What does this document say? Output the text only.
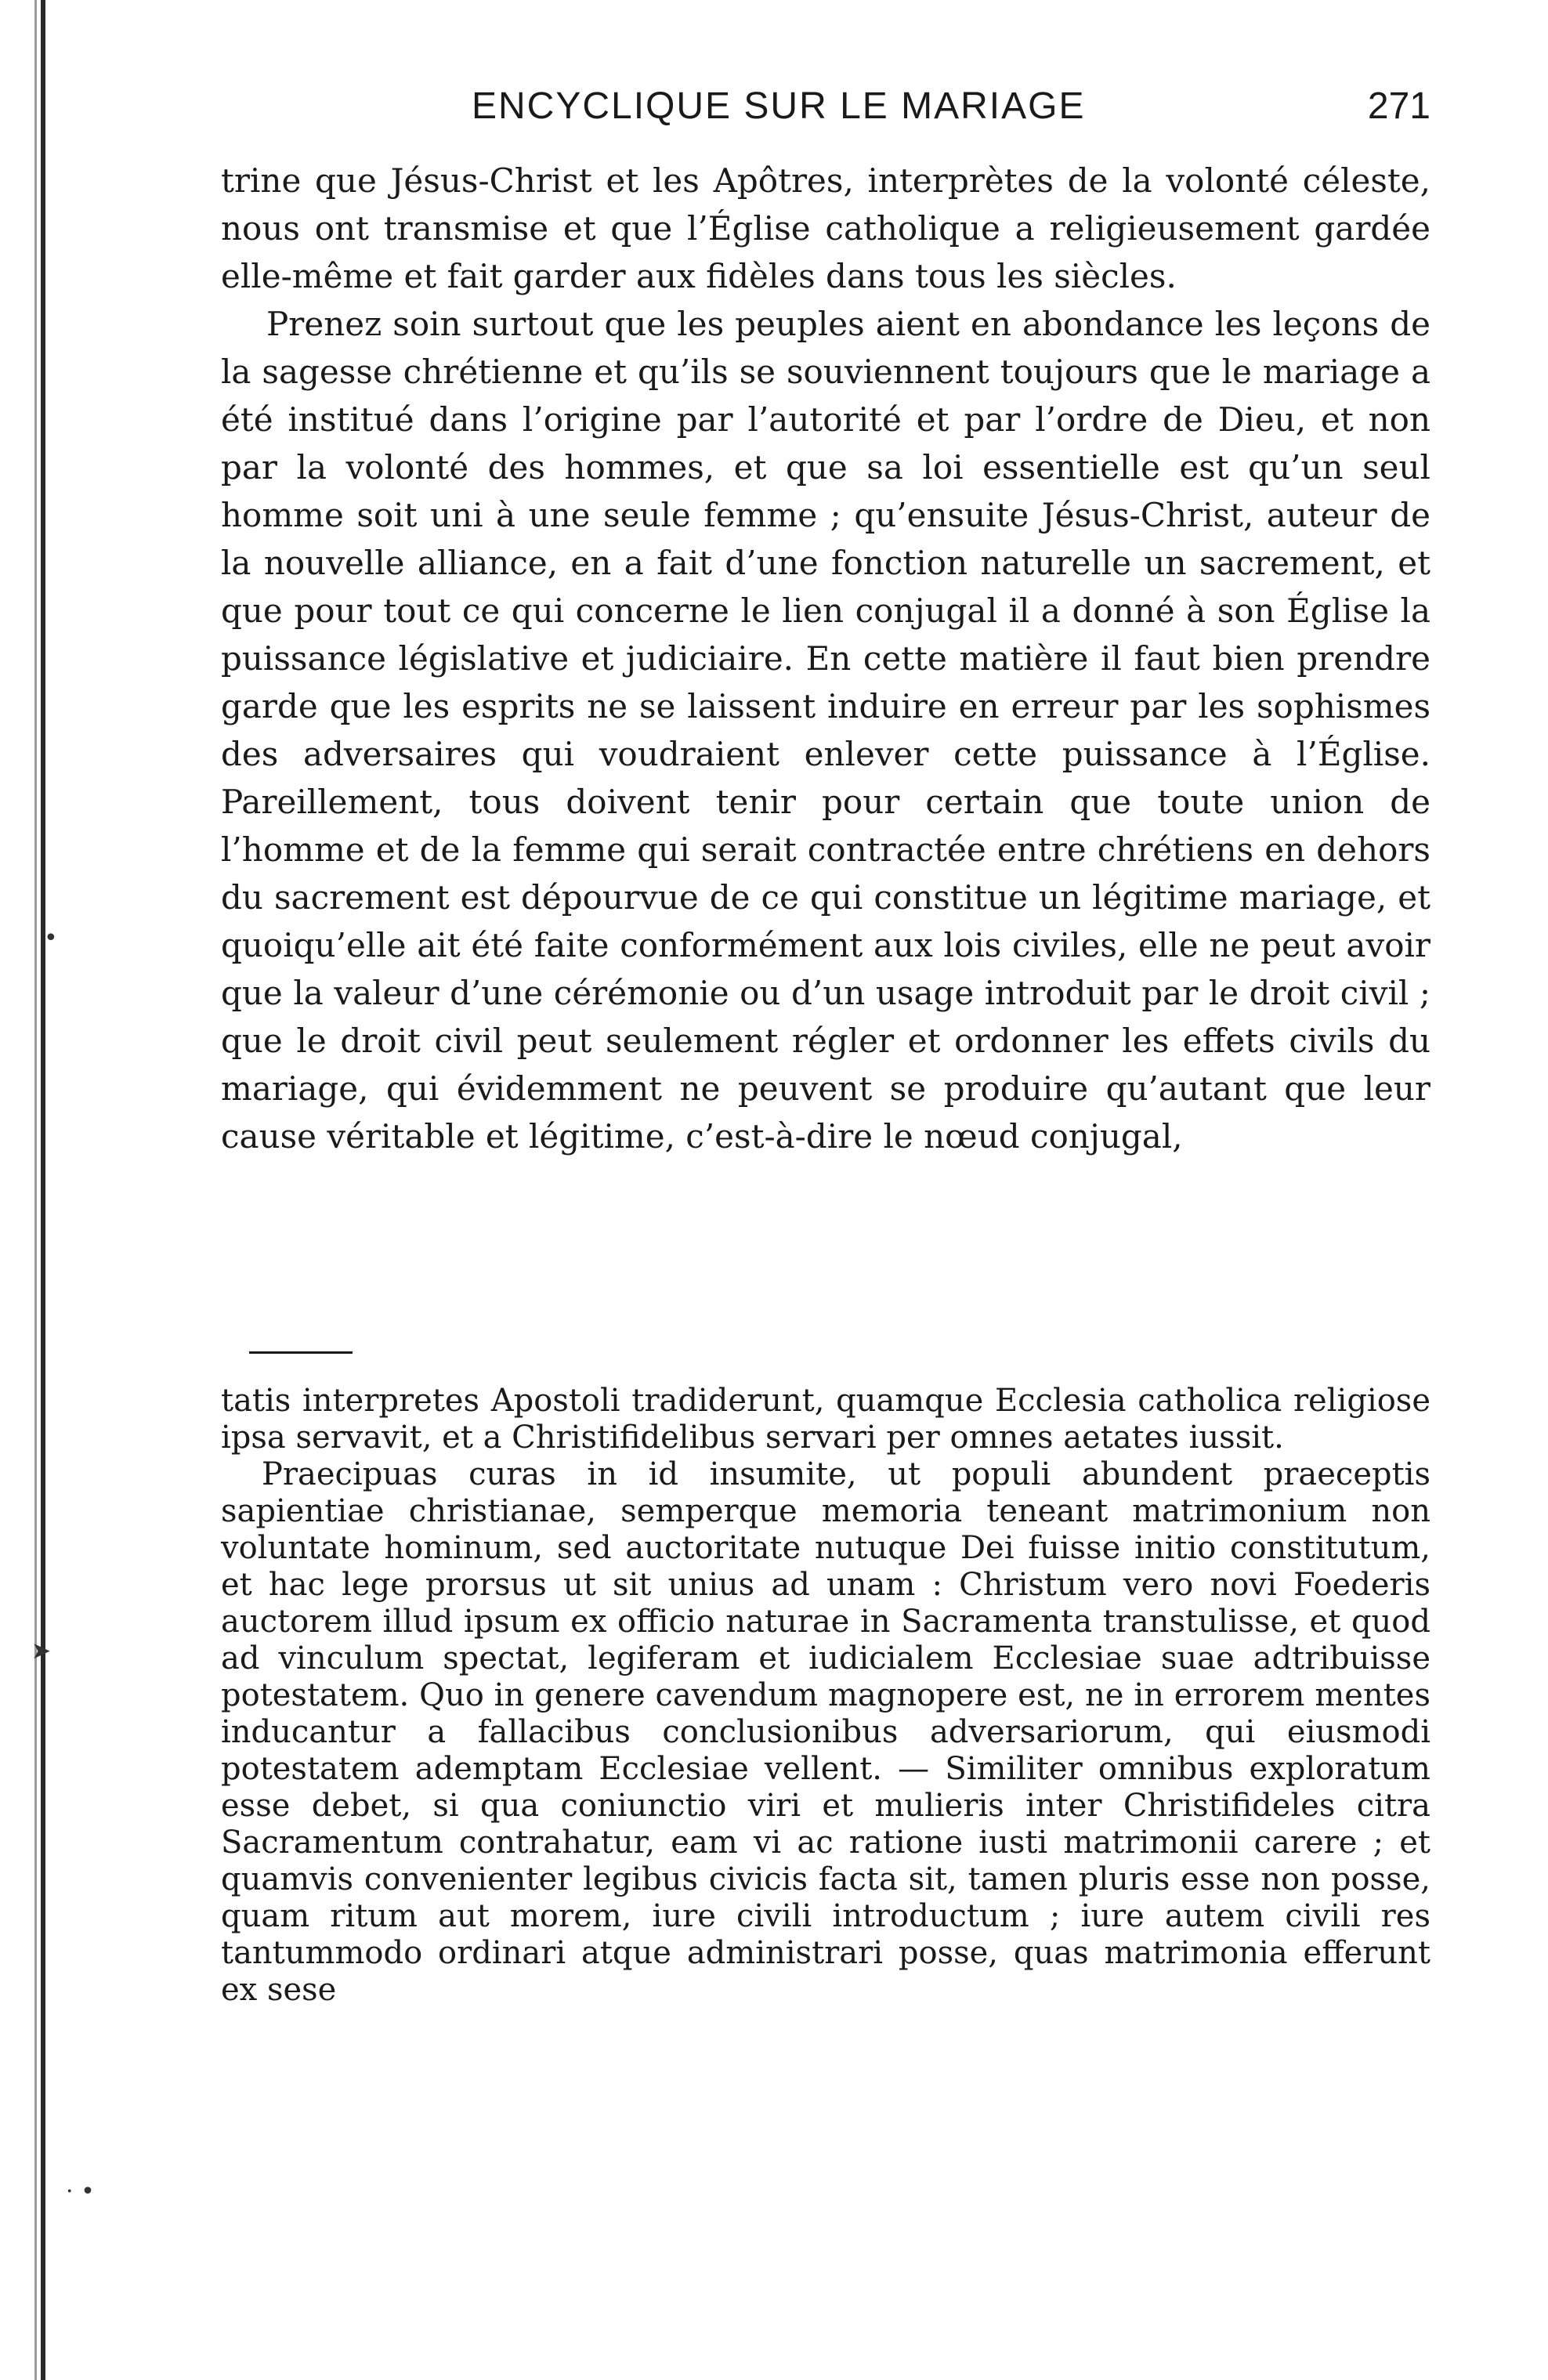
•
➤
· •
ENCYCLIQUE SUR LE MARIAGE	271

trine que Jésus-Christ et les Apôtres, interprètes de la volonté céleste, nous ont transmise et que l’Église catholique a religieusement gardée elle-même et fait garder aux fidèles dans tous les siècles.

Prenez soin surtout que les peuples aient en abondance les leçons de la sagesse chrétienne et qu’ils se souviennent toujours que le mariage a été institué dans l’origine par l’autorité et par l’ordre de Dieu, et non par la volonté des hommes, et que sa loi essentielle est qu’un seul homme soit uni à une seule femme ; qu’ensuite Jésus-Christ, auteur de la nouvelle alliance, en a fait d’une fonction naturelle un sacrement, et que pour tout ce qui concerne le lien conjugal il a donné à son Église la puissance législative et judiciaire. En cette matière il faut bien prendre garde que les esprits ne se laissent induire en erreur par les sophismes des adversaires qui voudraient enlever cette puissance à l’Église. Pareillement, tous doivent tenir pour certain que toute union de l’homme et de la femme qui serait contractée entre chrétiens en dehors du sacrement est dépourvue de ce qui constitue un légitime mariage, et quoiqu’elle ait été faite conformément aux lois civiles, elle ne peut avoir que la valeur d’une cérémonie ou d’un usage introduit par le droit civil ; que le droit civil peut seulement régler et ordonner les effets civils du mariage, qui évidemment ne peuvent se produire qu’autant que leur cause véritable et légitime, c’est-à-dire le nœud conjugal,

tatis interpretes Apostoli tradiderunt, quamque Ecclesia catholica religiose ipsa servavit, et a Christifidelibus servari per omnes aetates iussit.

Praecipuas curas in id insumite, ut populi abundent praeceptis sapientiae christianae, semperque memoria teneant matrimonium non voluntate hominum, sed auctoritate nutuque Dei fuisse initio constitutum, et hac lege prorsus ut sit unius ad unam : Christum vero novi Foederis auctorem illud ipsum ex officio naturae in Sacramenta transtulisse, et quod ad vinculum spectat, legiferam et iudicialem Ecclesiae suae adtribuisse potestatem. Quo in genere cavendum magnopere est, ne in errorem mentes inducantur a fallacibus conclusionibus adversariorum, qui eiusmodi potestatem ademptam Ecclesiae vellent. — Similiter omnibus exploratum esse debet, si qua coniunctio viri et mulieris inter Christifideles citra Sacramentum contrahatur, eam vi ac ratione iusti matrimonii carere ; et quamvis convenienter legibus civicis facta sit, tamen pluris esse non posse, quam ritum aut morem, iure civili introductum ; iure autem civili res tantummodo ordinari atque administrari posse, quas matrimonia efferunt ex sese
